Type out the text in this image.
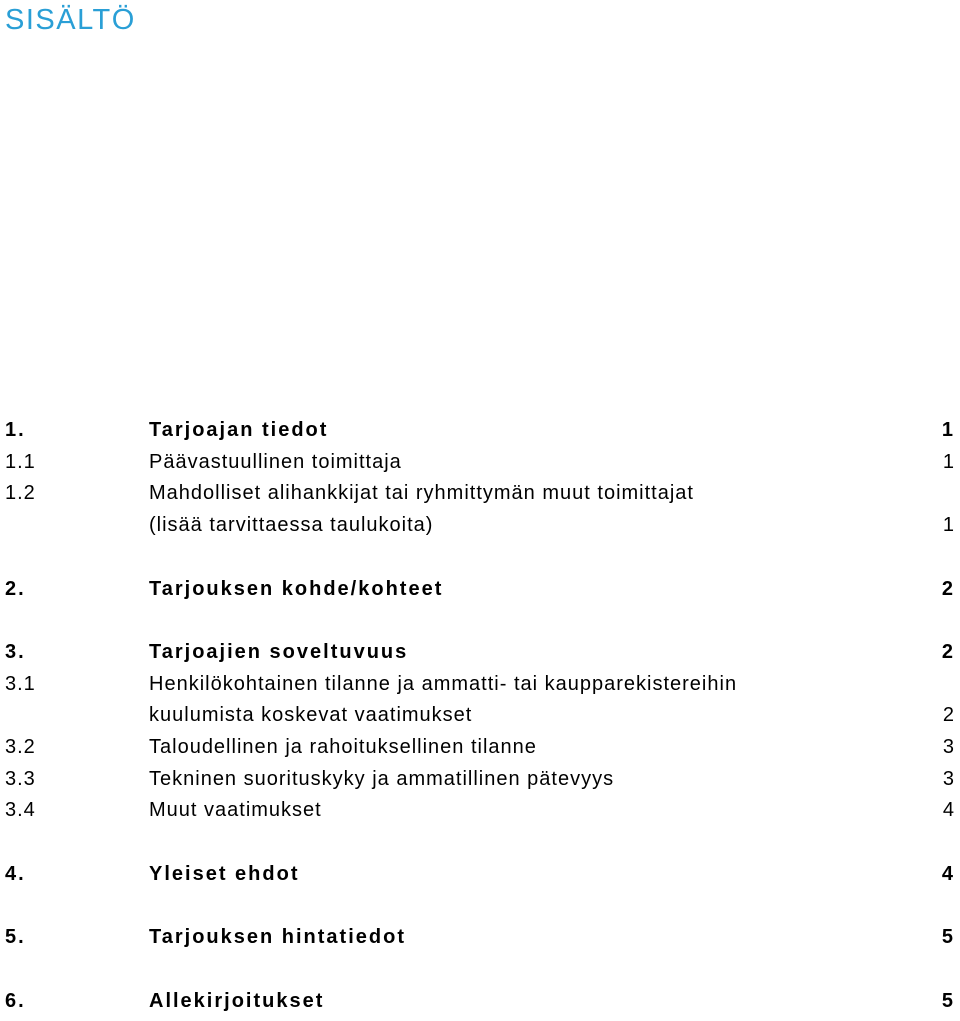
SISÄLTÖ
1.	Tarjoajan tiedot	1
1.1	Päävastuullinen toimittaja	1
1.2	Mahdolliset alihankkijat tai ryhmittymän muut toimittajat
(lisää tarvittaessa taulukoita)	1
2.	Tarjouksen kohde/kohteet	2
3.	Tarjoajien soveltuvuus	2
3.1	Henkilökohtainen tilanne ja ammatti- tai kaupparekistereihin
kuulumista koskevat vaatimukset	2
3.2	Taloudellinen ja rahoituksellinen tilanne	3
3.3	Tekninen suorituskyky ja ammatillinen pätevyys	3
3.4	Muut vaatimukset	4
4.	Yleiset ehdot	4
5.	Tarjouksen hintatiedot	5
6.	Allekirjoitukset	5
